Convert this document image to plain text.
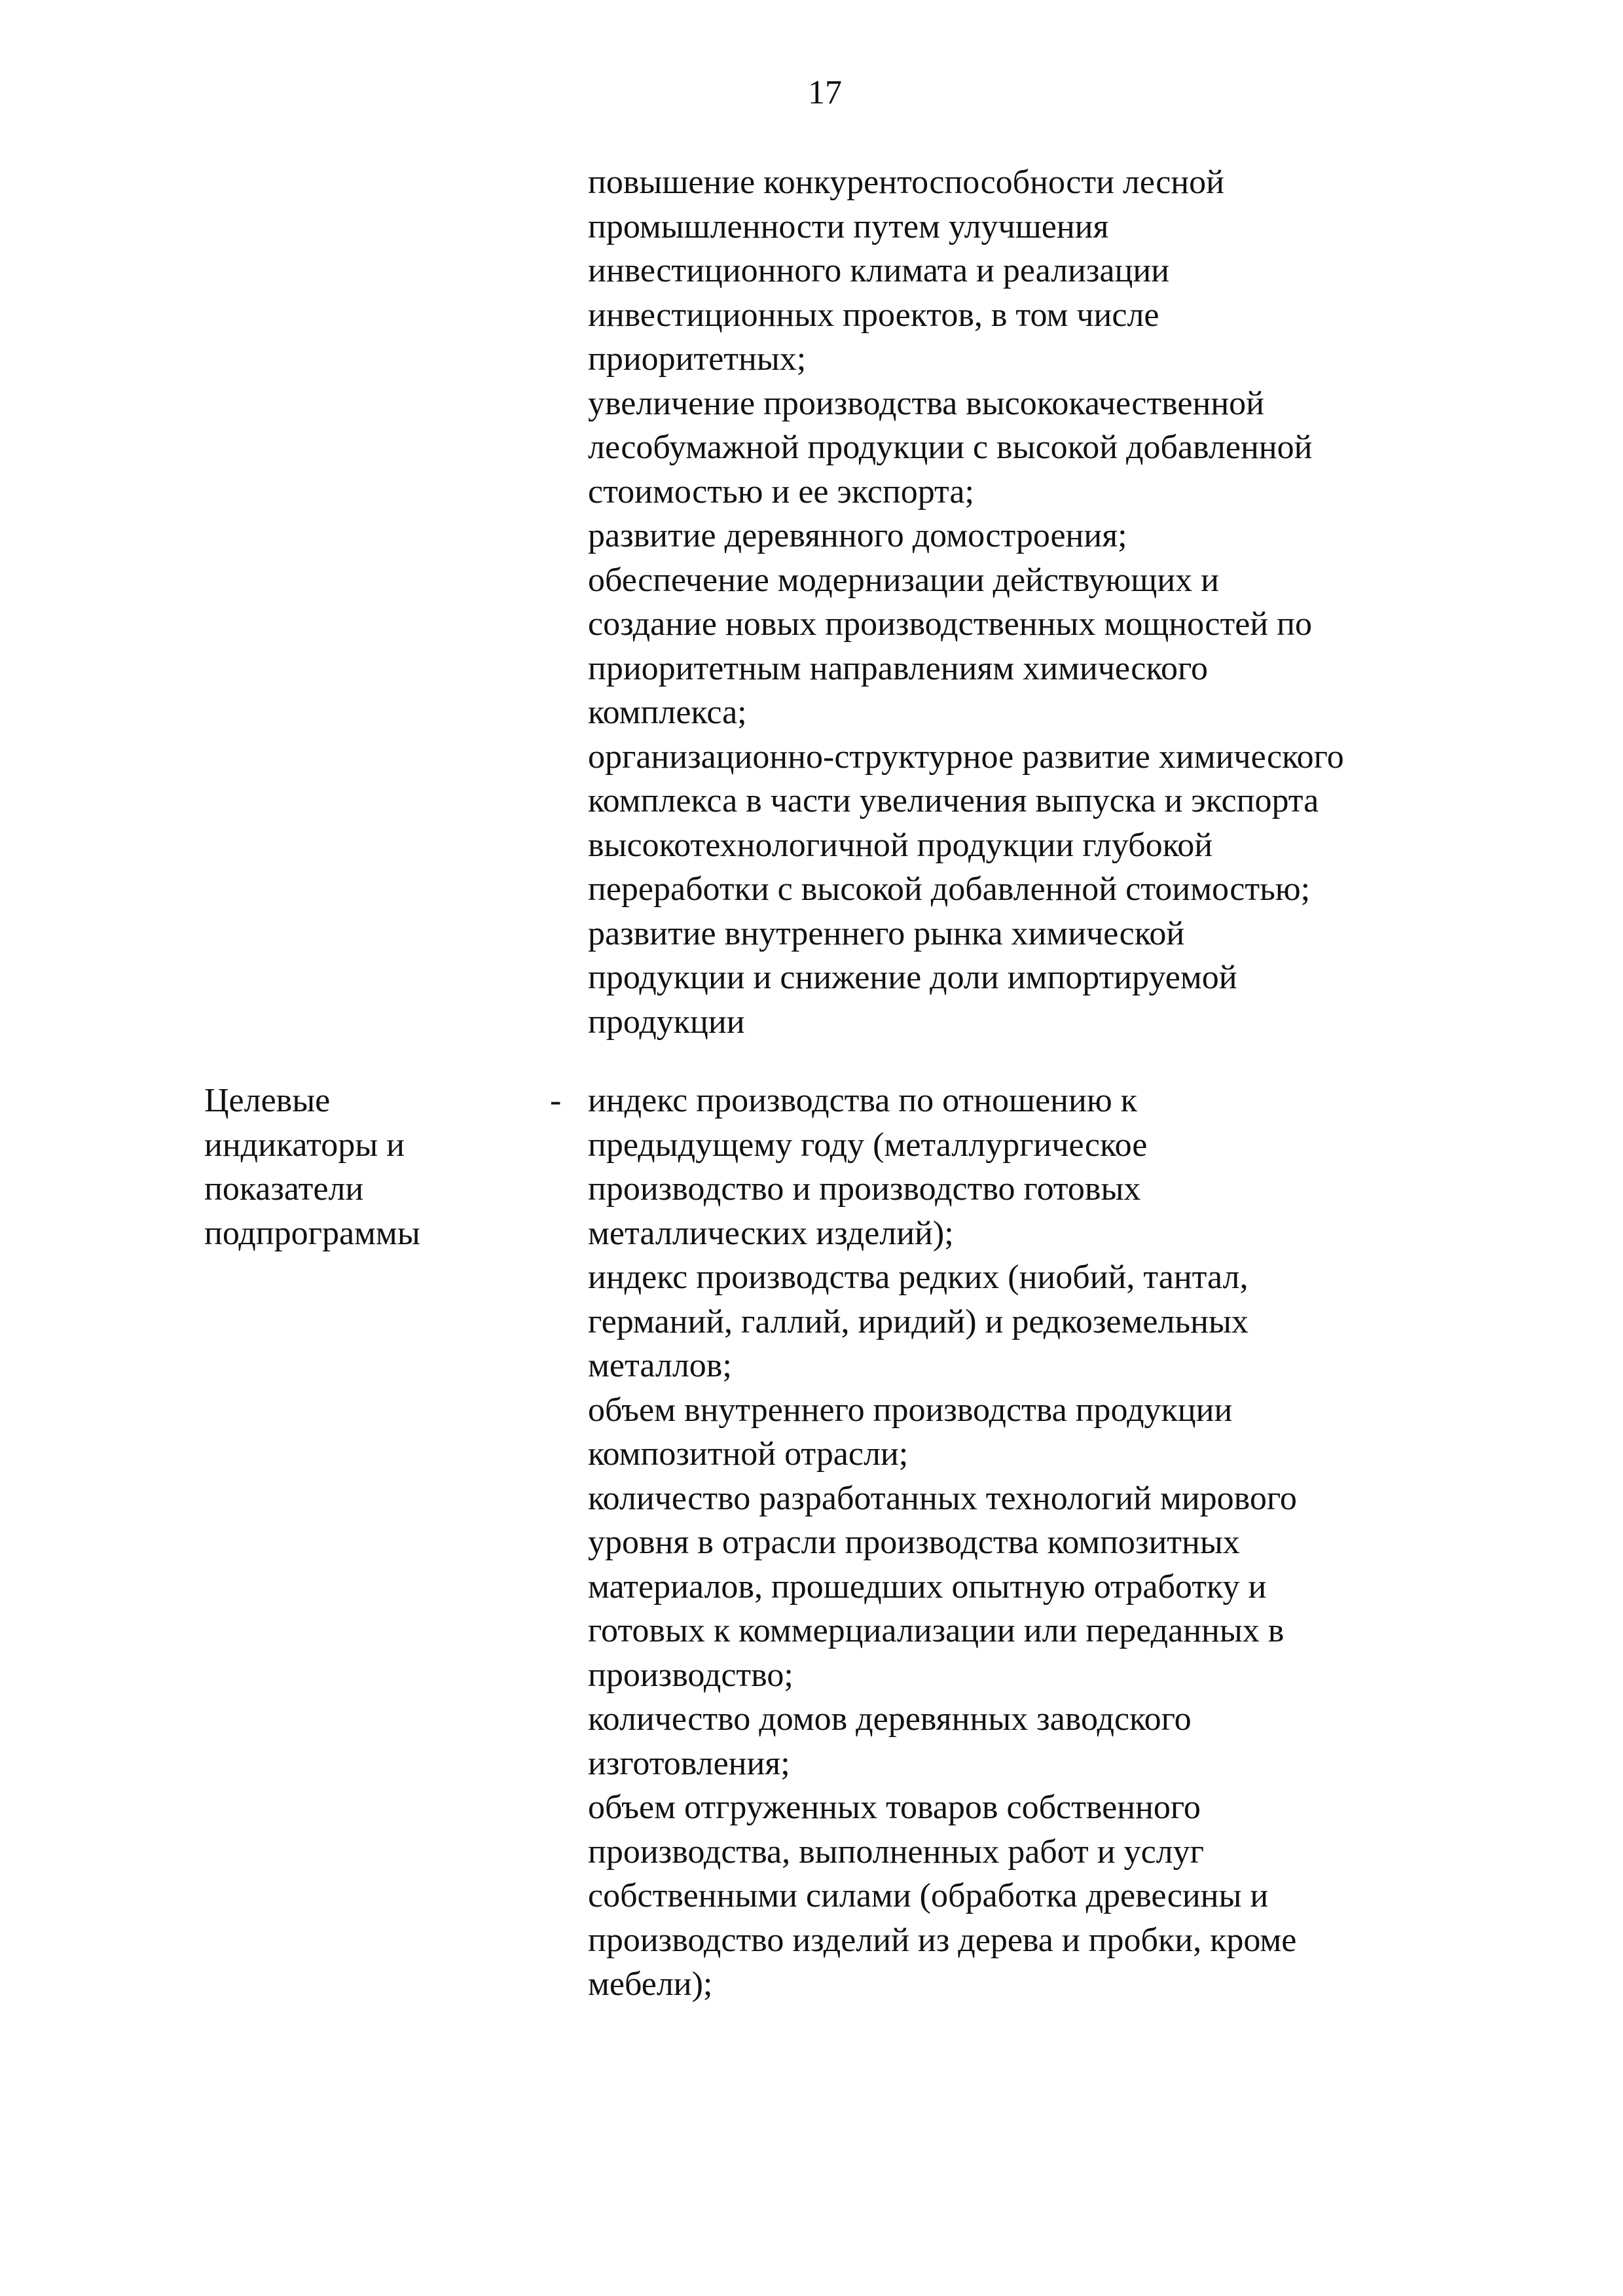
17
повышение конкурентоспособности лесной
промышленности путем улучшения
инвестиционного климата и реализации
инвестиционных проектов, в том числе
приоритетных;
увеличение производства высококачественной
лесобумажной продукции с высокой добавленной
стоимостью и ее экспорта;
развитие деревянного домостроения;
обеспечение модернизации действующих и
создание новых производственных мощностей по
приоритетным направлениям химического
комплекса;
организационно-структурное развитие химического
комплекса в части увеличения выпуска и экспорта
высокотехнологичной продукции глубокой
переработки с высокой добавленной стоимостью;
развитие внутреннего рынка химической
продукции и снижение доли импортируемой
продукции
Целевые
индикаторы и
показатели
подпрограммы
- индекс производства по отношению к
предыдущему году (металлургическое
производство и производство готовых
металлических изделий);
индекс производства редких (ниобий, тантал,
германий, галлий, иридий) и редкоземельных
металлов;
объем внутреннего производства продукции
композитной отрасли;
количество разработанных технологий мирового
уровня в отрасли производства композитных
материалов, прошедших опытную отработку и
готовых к коммерциализации или переданных в
производство;
количество домов деревянных заводского
изготовления;
объем отгруженных товаров собственного
производства, выполненных работ и услуг
собственными силами (обработка древесины и
производство изделий из дерева и пробки, кроме
мебели);
